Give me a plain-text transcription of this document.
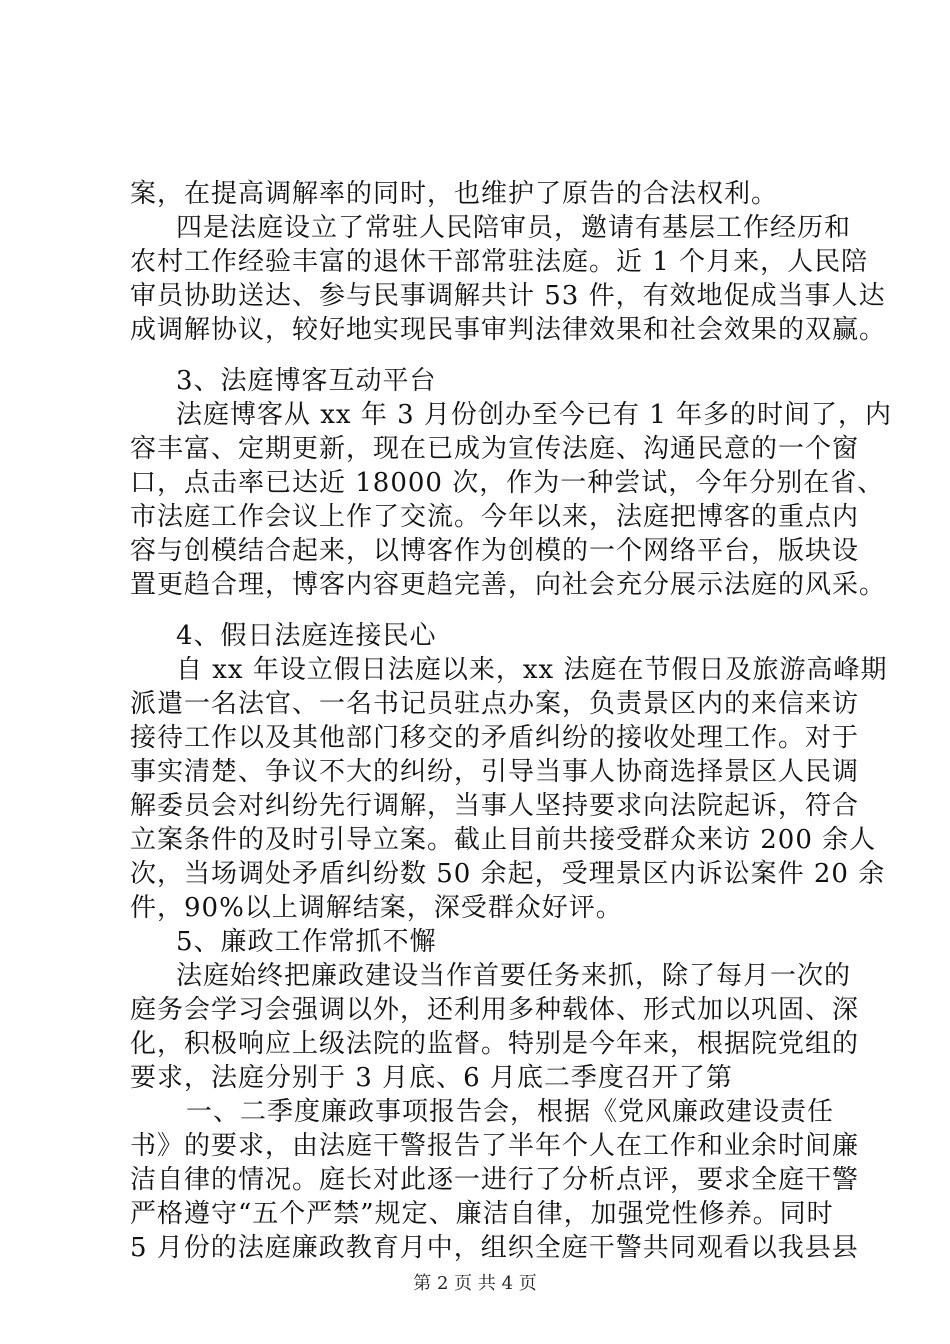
案，在提高调解率的同时，也维护了原告的合法权利。
四是法庭设立了常驻人民陪审员，邀请有基层工作经历和
农村工作经验丰富的退休干部常驻法庭。近 1 个月来，人民陪
审员协助送达、参与民事调解共计 53 件，有效地促成当事人达
成调解协议，较好地实现民事审判法律效果和社会效果的双赢。
3、法庭博客互动平台
法庭博客从 xx 年 3 月份创办至今已有 1 年多的时间了，内
容丰富、定期更新，现在已成为宣传法庭、沟通民意的一个窗
口，点击率已达近 18000 次，作为一种尝试，今年分别在省、
市法庭工作会议上作了交流。今年以来，法庭把博客的重点内
容与创模结合起来，以博客作为创模的一个网络平台，版块设
置更趋合理，博客内容更趋完善，向社会充分展示法庭的风采。
4、假日法庭连接民心
自 xx 年设立假日法庭以来，xx 法庭在节假日及旅游高峰期
派遣一名法官、一名书记员驻点办案，负责景区内的来信来访
接待工作以及其他部门移交的矛盾纠纷的接收处理工作。对于
事实清楚、争议不大的纠纷，引导当事人协商选择景区人民调
解委员会对纠纷先行调解，当事人坚持要求向法院起诉，符合
立案条件的及时引导立案。截止目前共接受群众来访 200 余人
次，当场调处矛盾纠纷数 50 余起，受理景区内诉讼案件 20 余
件，90%以上调解结案，深受群众好评。
5、廉政工作常抓不懈
法庭始终把廉政建设当作首要任务来抓，除了每月一次的
庭务会学习会强调以外，还利用多种载体、形式加以巩固、深
化，积极响应上级法院的监督。特别是今年来，根据院党组的
要求，法庭分别于 3 月底、6 月底二季度召开了第
一、二季度廉政事项报告会，根据《党风廉政建设责任
书》的要求，由法庭干警报告了半年个人在工作和业余时间廉
洁自律的情况。庭长对此逐一进行了分析点评，要求全庭干警
严格遵守“五个严禁”规定、廉洁自律，加强党性修养。同时
5 月份的法庭廉政教育月中，组织全庭干警共同观看以我县县
第 2 页 共 4 页
